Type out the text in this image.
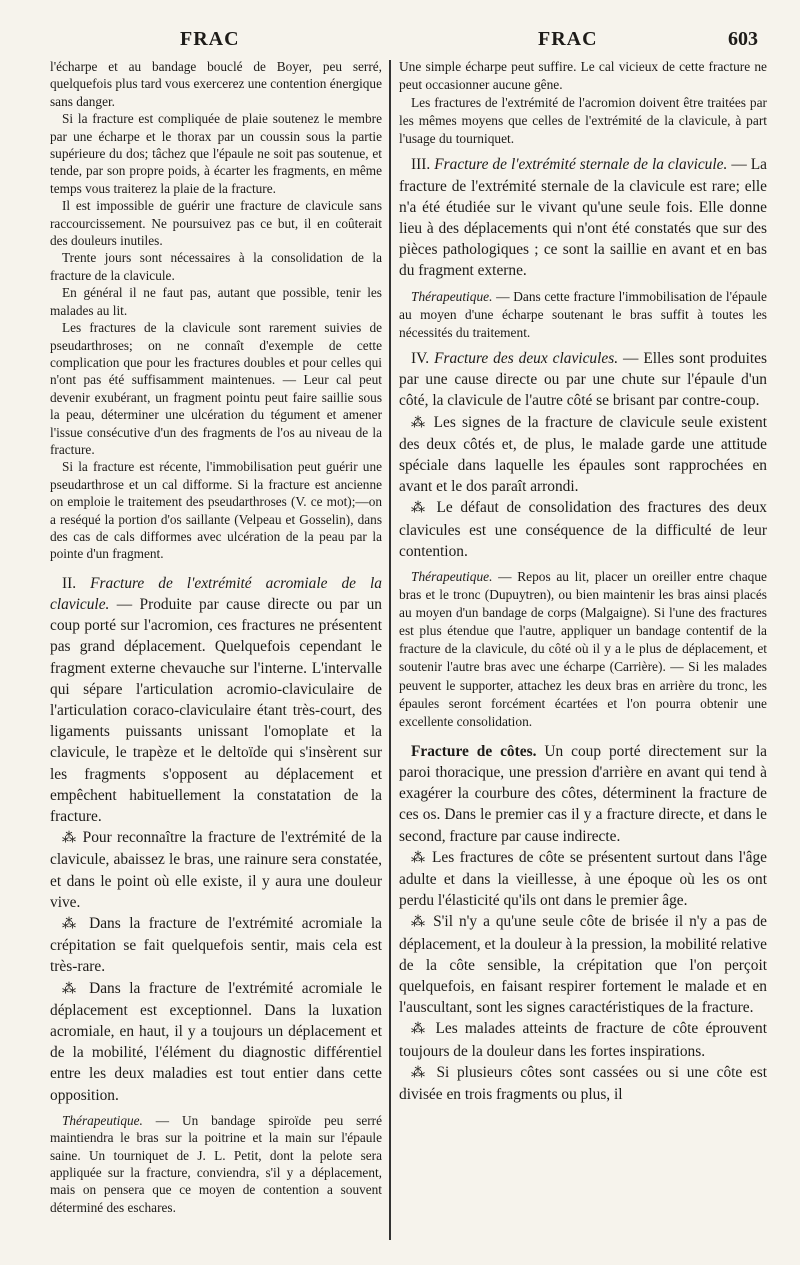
FRAC	FRAC	603

l'écharpe et au bandage bouclé de Boyer, peu serré, quelquefois plus tard vous exercerez une contention énergique sans danger.

Si la fracture est compliquée de plaie soutenez le membre par une écharpe et le thorax par un coussin sous la partie supérieure du dos; tâchez que l'épaule ne soit pas soutenue, et tende, par son propre poids, à écarter les fragments, en même temps vous traiterez la plaie de la fracture.

Il est impossible de guérir une fracture de clavicule sans raccourcissement. Ne poursuivez pas ce but, il en coûterait des douleurs inutiles.

Trente jours sont nécessaires à la consolidation de la fracture de la clavicule.

En général il ne faut pas, autant que possible, tenir les malades au lit.

Les fractures de la clavicule sont rarement suivies de pseudarthroses; on ne connaît d'exemple de cette complication que pour les fractures doubles et pour celles qui n'ont pas été suffisamment maintenues. — Leur cal peut devenir exubérant, un fragment pointu peut faire saillie sous la peau, déterminer une ulcération du tégument et amener l'issue consécutive d'un des fragments de l'os au niveau de la fracture.

Si la fracture est récente, l'immobilisation peut guérir une pseudarthrose et un cal difforme. Si la fracture est ancienne on emploie le traitement des pseudarthroses (V. ce mot);—on a reséqué la portion d'os saillante (Velpeau et Gosselin), dans des cas de cals difformes avec ulcération de la peau par la pointe d'un fragment.

II. Fracture de l'extrémité acromiale de la clavicule. — Produite par cause directe ou par un coup porté sur l'acromion, ces fractures ne présentent pas grand déplacement. Quelquefois cependant le fragment externe chevauche sur l'interne. L'intervalle qui sépare l'articulation acromio-claviculaire de l'articulation coraco-claviculaire étant très-court, des ligaments puissants unissant l'omoplate et la clavicule, le trapèze et le deltoïde qui s'insèrent sur les fragments s'opposent au déplacement et empêchent habituellement la constatation de la fracture.

⁂ Pour reconnaître la fracture de l'extrémité de la clavicule, abaissez le bras, une rainure sera constatée, et dans le point où elle existe, il y aura une douleur vive.

⁂ Dans la fracture de l'extrémité acromiale la crépitation se fait quelquefois sentir, mais cela est très-rare.

⁂ Dans la fracture de l'extrémité acromiale le déplacement est exceptionnel. Dans la luxation acromiale, en haut, il y a toujours un déplacement et de la mobilité, l'élément du diagnostic différentiel entre les deux maladies est tout entier dans cette opposition.

Thérapeutique. — Un bandage spiroïde peu serré maintiendra le bras sur la poitrine et la main sur l'épaule saine. Un tourniquet de J. L. Petit, dont la pelote sera appliquée sur la fracture, conviendra, s'il y a déplacement, mais on pensera que ce moyen de contention a souvent déterminé des eschares.

Une simple écharpe peut suffire. Le cal vicieux de cette fracture ne peut occasionner aucune gêne.

Les fractures de l'extrémité de l'acromion doivent être traitées par les mêmes moyens que celles de l'extrémité de la clavicule, à part l'usage du tourniquet.

III. Fracture de l'extrémité sternale de la clavicule. — La fracture de l'extrémité sternale de la clavicule est rare; elle n'a été étudiée sur le vivant qu'une seule fois. Elle donne lieu à des déplacements qui n'ont été constatés que sur des pièces pathologiques ; ce sont la saillie en avant et en bas du fragment externe.

Thérapeutique. — Dans cette fracture l'immobilisation de l'épaule au moyen d'une écharpe soutenant le bras suffit à toutes les nécessités du traitement.

IV. Fracture des deux clavicules. — Elles sont produites par une cause directe ou par une chute sur l'épaule d'un côté, la clavicule de l'autre côté se brisant par contre-coup.

⁂ Les signes de la fracture de clavicule seule existent des deux côtés et, de plus, le malade garde une attitude spéciale dans laquelle les épaules sont rapprochées en avant et le dos paraît arrondi.

⁂ Le défaut de consolidation des fractures des deux clavicules est une conséquence de la difficulté de leur contention.

Thérapeutique. — Repos au lit, placer un oreiller entre chaque bras et le tronc (Dupuytren), ou bien maintenir les bras ainsi placés au moyen d'un bandage de corps (Malgaigne). Si l'une des fractures est plus étendue que l'autre, appliquer un bandage contentif de la fracture de la clavicule, du côté où il y a le plus de déplacement, et soutenir l'autre bras avec une écharpe (Carrière). — Si les malades peuvent le supporter, attachez les deux bras en arrière du tronc, les épaules seront forcément écartées et l'on pourra obtenir une excellente consolidation.

Fracture de côtes. Un coup porté directement sur la paroi thoracique, une pression d'arrière en avant qui tend à exagérer la courbure des côtes, déterminent la fracture de ces os. Dans le premier cas il y a fracture directe, et dans le second, fracture par cause indirecte.

⁂ Les fractures de côte se présentent surtout dans l'âge adulte et dans la vieillesse, à une époque où les os ont perdu l'élasticité qu'ils ont dans le premier âge.

⁂ S'il n'y a qu'une seule côte de brisée il n'y a pas de déplacement, et la douleur à la pression, la mobilité relative de la côte sensible, la crépitation que l'on perçoit quelquefois, en faisant respirer fortement le malade et en l'auscultant, sont les signes caractéristiques de la fracture.

⁂ Les malades atteints de fracture de côte éprouvent toujours de la douleur dans les fortes inspirations.

⁂ Si plusieurs côtes sont cassées ou si une côte est divisée en trois fragments ou plus, il
